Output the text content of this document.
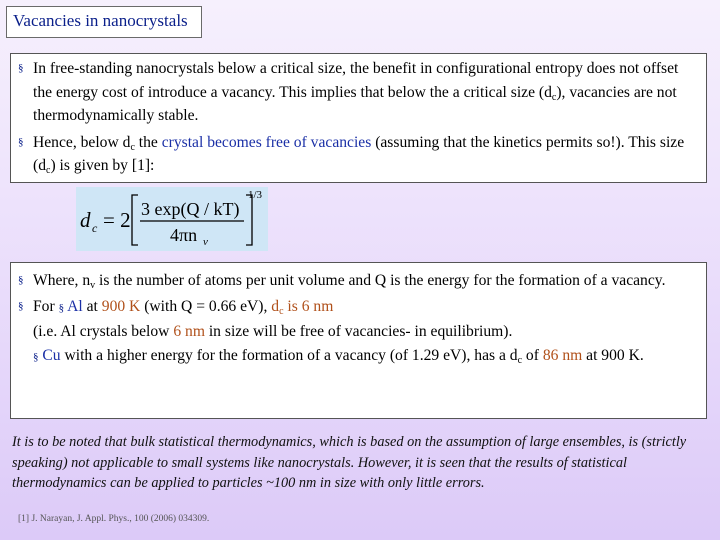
Vacancies in nanocrystals
§ In free-standing nanocrystals below a critical size, the benefit in configurational entropy does not offset the energy cost of introduce a vacancy. This implies that below the a critical size $(d_c)$, vacancies are not thermodynamically stable.
§ Hence, below $d_c$ the crystal becomes free of vacancies (assuming that the kinetics permits so!). This size $(d_c)$ is given by [1]:
d c = 2 3 exp(Q / kT)
4πn v
1/3
§ Where, $n_v$ is the number of atoms per unit volume and Q is the energy for the formation of a vacancy.
§ For § Al at 900 K (with Q = 0.66 eV), $d_c$ is 6 nm
(i.e. Al crystals below 6 nm in size will be free of vacancies- in equilibrium).
§ Cu with a higher energy for the formation of a vacancy (of 1.29 eV), has a $d_c$ of 86 nm at 900 K.
It is to be noted that bulk statistical thermodynamics, which is based on the assumption of large ensembles, is (strictly speaking) not applicable to small systems like nanocrystals. However, it is seen that the results of statistical thermodynamics can be applied to particles ~100 nm in size with only little errors.
[1] J. Narayan, J. Appl. Phys., 100 (2006) 034309.
